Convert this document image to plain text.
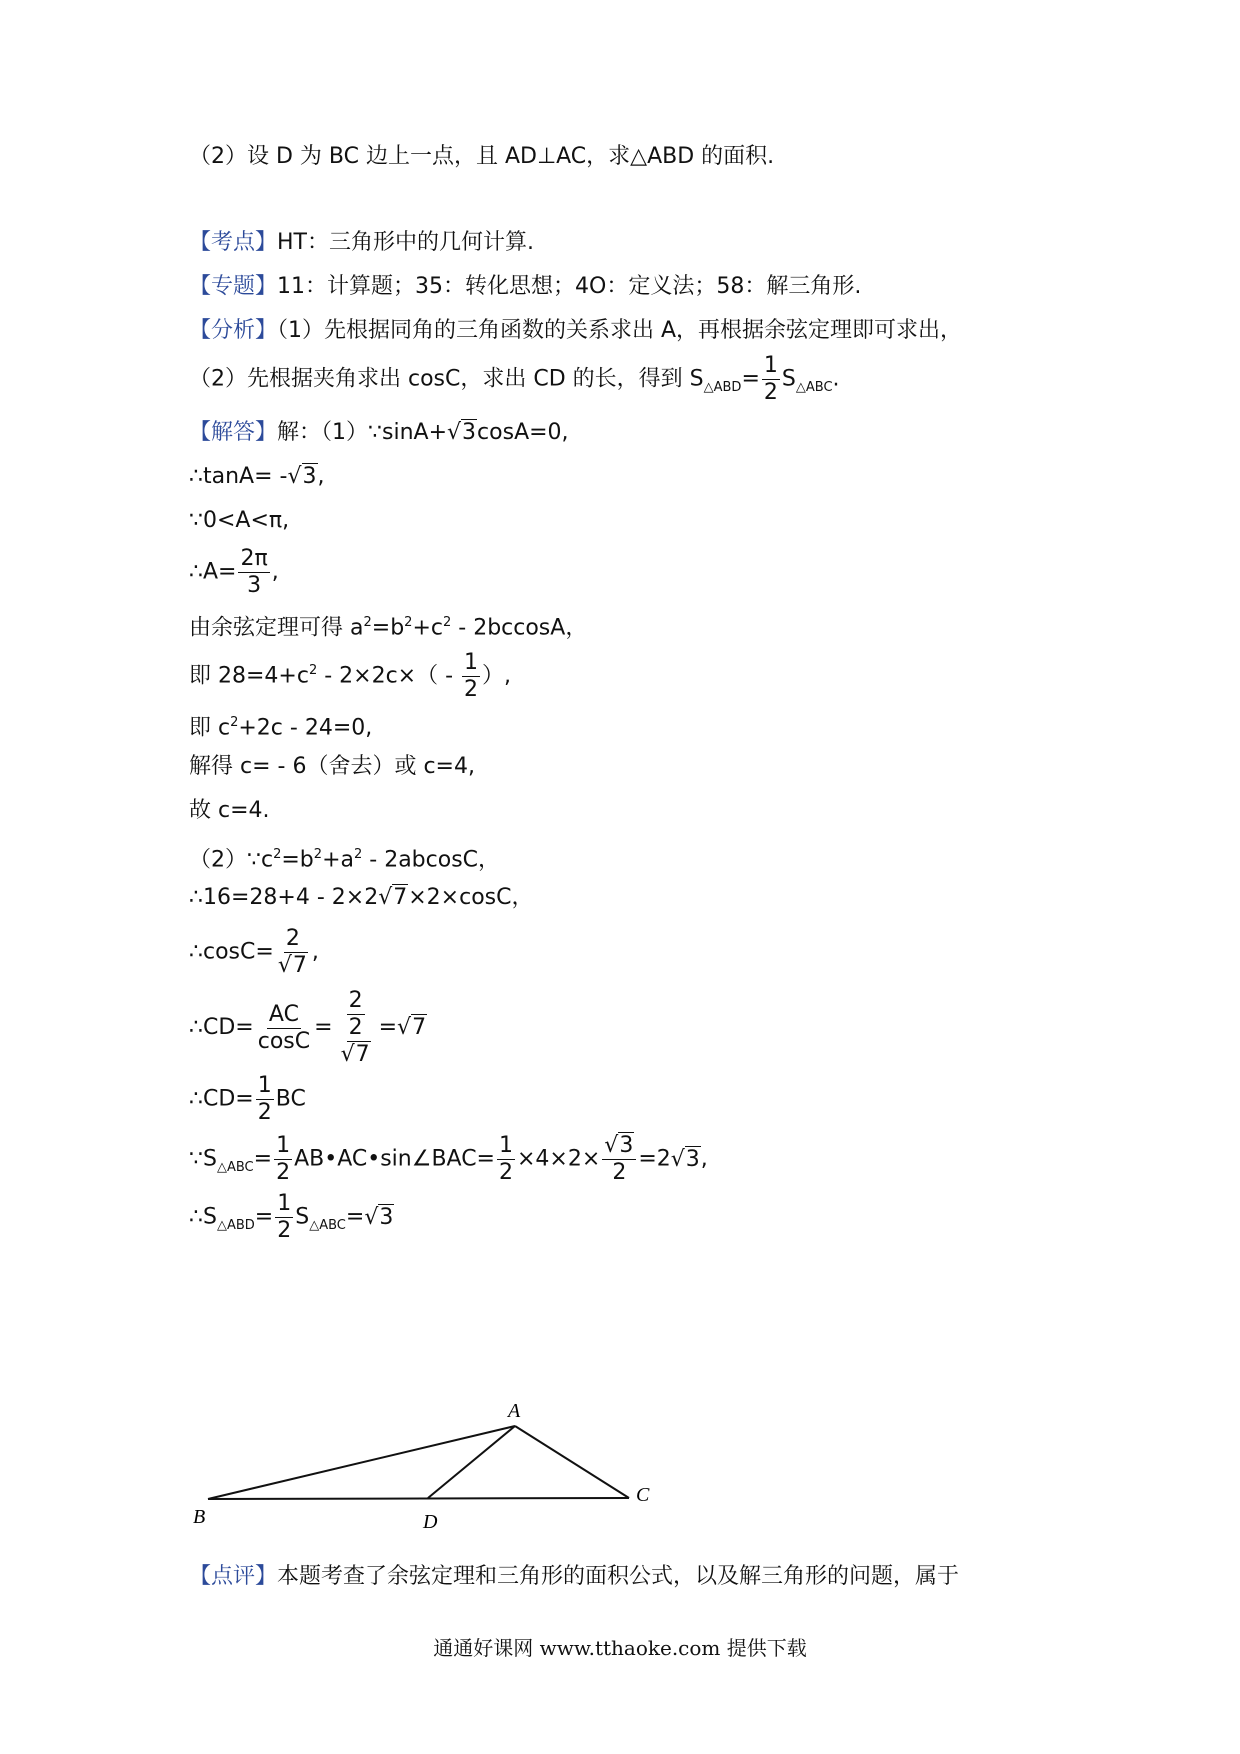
（2）设 D 为 BC 边上一点，且 AD⊥AC，求△ABD 的面积.
【考点】HT：三角形中的几何计算.
【专题】11：计算题；35：转化思想；4O：定义法；58：解三角形.
【分析】（1）先根据同角的三角函数的关系求出 A，再根据余弦定理即可求出，
（2）先根据夹角求出 cosC，求出 CD 的长，得到 $S_{\triangle ABD}= \frac{1}{2} S_{\triangle ABC}$.
【解答】解：（1）∵sinA+√3cosA=0,
∴tanA= -√3,
∵0<A<π,
∴A= $\frac{2\pi}{3}$ ,
由余弦定理可得 $a^2=b^2+c^2 - 2bccosA$，
即 $28=4+c^2 - 2\times 2c\times( - \frac{1}{2}$ ）,
即 $c^2+2c - 24=0$,
解得 c= - 6（舍去）或 c=4,
故 c=4.
$(2)\because c^2=b^2+a^2 - 2abcosC$，
∴16=28+4 - 2×2√7×2×cosC，
∴cosC= $\frac{2}{√7}$ ,
∴CD= $\frac{AC}{\cos C} = \frac{2}{\frac{2}{√7}} =√7$
∴CD= $\frac{1}{2}$ BC
$\because S_{\triangle ABC}= \frac{1}{2}$ AB•AC•sin∠BAC= $\frac{1}{2} \times 4\times 2\times \frac{√3}{2} =2√3$,
$\therefore S_{\triangle ABD}= \frac{1}{2} S_{\triangle ABC}=√3$
A
B
C
D
【点评】本题考查了余弦定理和三角形的面积公式，以及解三角形的问题，属于
通通好课网 www.tthaoke.com 提供下载
